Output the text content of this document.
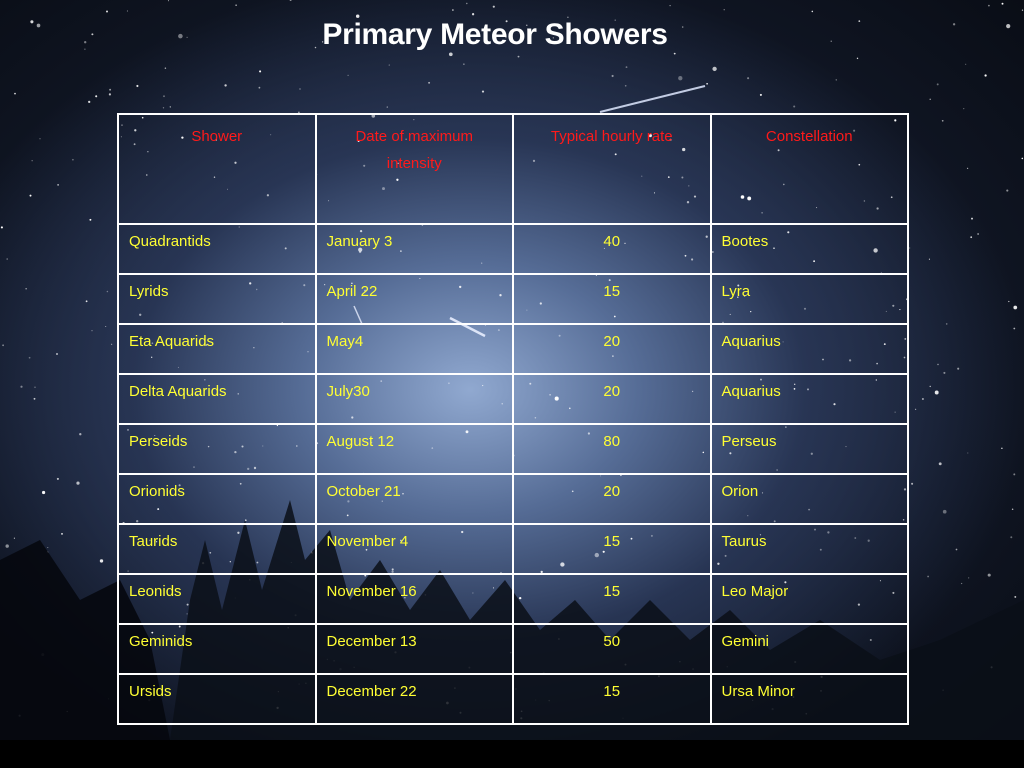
Primary Meteor Showers
Shower	Date of maximum intensity	Typical hourly rate	Constellation
Quadrantids	January 3	40	Bootes
Lyrids	April 22	15	Lyra
Eta Aquarids	May4	20	Aquarius
Delta Aquarids	July30	20	Aquarius
Perseids	August 12	80	Perseus
Orionids	October 21	20	Orion
Taurids	November 4	15	Taurus
Leonids	November 16	15	Leo Major
Geminids	December 13	50	Gemini
Ursids	December 22	15	Ursa Minor
